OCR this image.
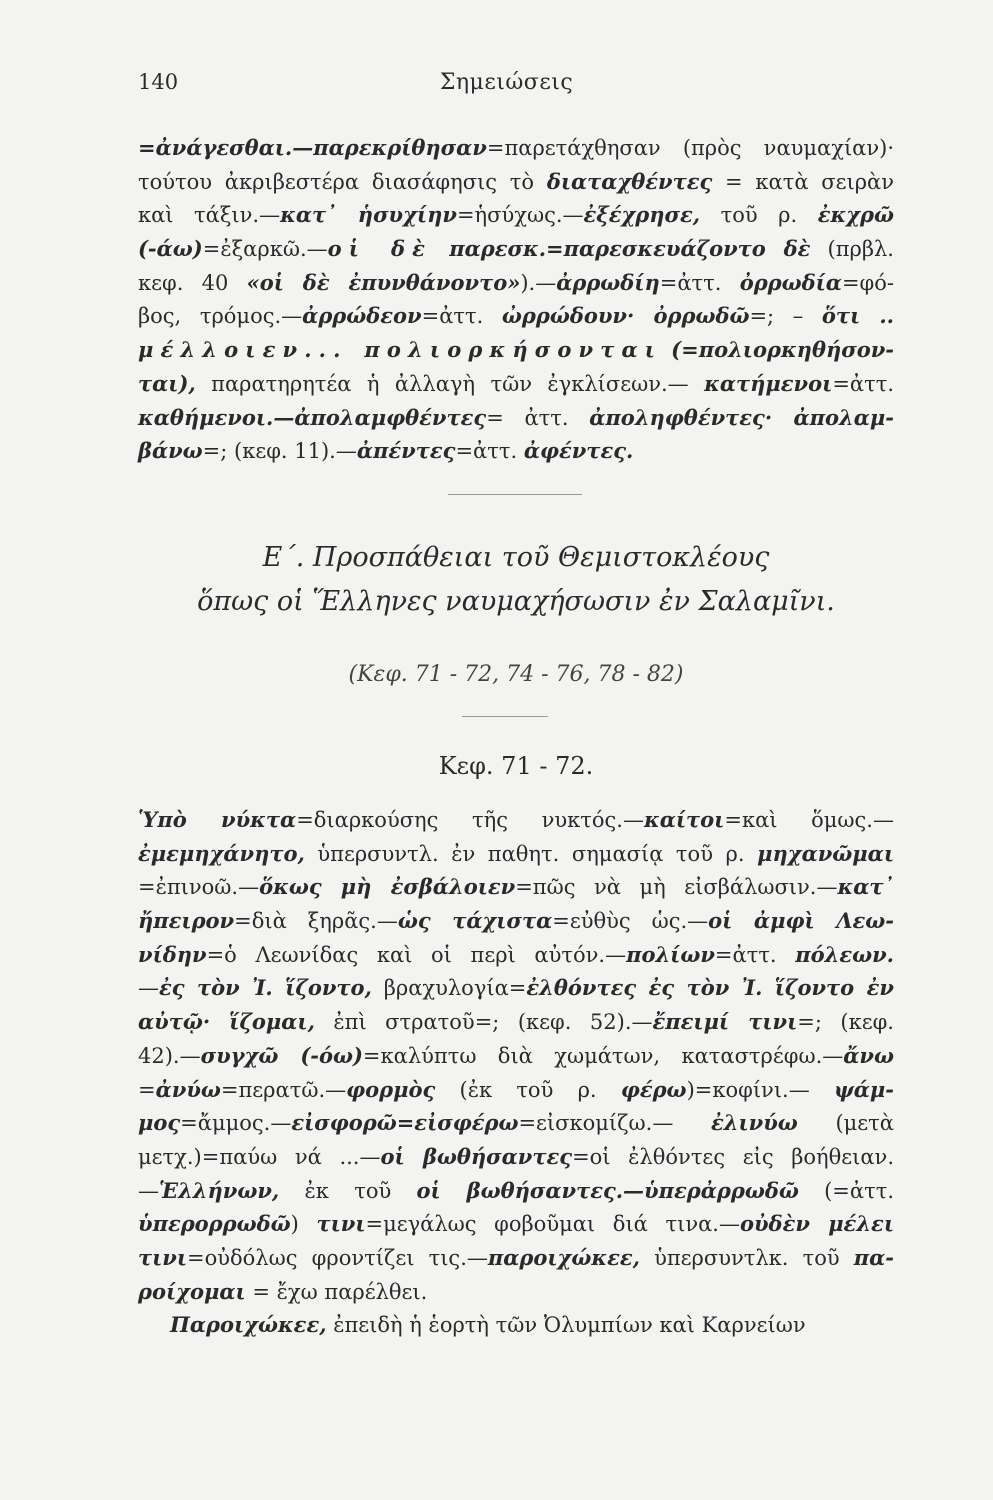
140	Σημειώσεις
=ἀνάγεσθαι.—παρεκρίθησαν=παρετάχθησαν (πρὸς ναυμαχίαν)·
τούτου ἀκριβεστέρα διασάφησις τὸ διαταχθέντες = κατὰ σειρὰν
καὶ τάξιν.—κατ᾽ ἡσυχίην=ἡσύχως.—ἐξέχρησε, τοῦ ρ. ἐκχρῶ
(-άω)=ἐξαρκῶ.—οἱ δὲ παρεσκ.=παρεσκευάζοντο δὲ (πρβλ.
κεφ. 40 «οἱ δὲ ἐπυνθάνοντο»).—ἀρρωδίη=ἀττ. ὀρρωδία=φό-
βος, τρόμος.—ἀρρώδεον=ἀττ. ὠρρώδουν· ὀρρωδῶ=; – ὅτι ..
μέλλοιεν... πολιορκήσονται (=πολιορκηθήσον-
ται), παρατηρητέα ἡ ἀλλαγὴ τῶν ἐγκλίσεων.— κατήμενοι=ἀττ.
καθήμενοι.—ἀπολαμφθέντες= ἀττ. ἀποληφθέντες· ἀπολαμ-
βάνω=; (κεφ. 11).—ἀπέντες=ἀττ. ἀφέντες.
Ε΄. Προσπάθειαι τοῦ Θεμιστοκλέους
ὅπως οἱ Ἕλληνες ναυμαχήσωσιν ἐν Σαλαμῖνι.
(Κεφ. 71 - 72, 74 - 76, 78 - 82)
Κεφ. 71 - 72.
Ὑπὸ νύκτα=διαρκούσης τῆς νυκτός.—καίτοι=καὶ ὅμως.—
ἐμεμηχάνητο, ὑπερσυντλ. ἐν παθητ. σημασίᾳ τοῦ ρ. μηχανῶμαι
=ἐπινοῶ.—ὅκως μὴ ἐσβάλοιεν=πῶς νὰ μὴ εἰσβάλωσιν.—κατ᾽
ἤπειρον=διὰ ξηρᾶς.—ὡς τάχιστα=εὐθὺς ὡς.—οἱ ἀμφὶ Λεω-
νίδην=ὁ Λεωνίδας καὶ οἱ περὶ αὐτόν.—πολίων=ἀττ. πόλεων.
—ἐς τὸν Ἰ. ἵζοντο, βραχυλογία=ἐλθόντες ἐς τὸν Ἰ. ἵζοντο ἐν
αὐτῷ· ἵζομαι, ἐπὶ στρατοῦ=; (κεφ. 52).—ἔπειμί τινι=; (κεφ.
42).—συγχῶ (-όω)=καλύπτω διὰ χωμάτων, καταστρέφω.—ἄνω
=ἀνύω=περατῶ.—φορμὸς (ἐκ τοῦ ρ. φέρω)=κοφίνι.— ψάμ-
μος=ἄμμος.—εἰσφορῶ=εἰσφέρω=εἰσκομίζω.— ἐλινύω (μετὰ
μετχ.)=παύω νά ...—οἱ βωθήσαντες=οἱ ἐλθόντες εἰς βοήθειαν.
—Ἑλλήνων, ἐκ τοῦ οἱ βωθήσαντες.—ὑπερἀρρωδῶ (=ἀττ.
ὑπερορρωδῶ) τινι=μεγάλως φοβοῦμαι διά τινα.—οὐδὲν μέλει
τινι=οὐδόλως φροντίζει τις.—παροιχώκεε, ὑπερσυντλκ. τοῦ πα-
ροίχομαι = ἔχω παρέλθει.
Παροιχώκεε, ἐπειδὴ ἡ ἑορτὴ τῶν Ὀλυμπίων καὶ Καρνείων
